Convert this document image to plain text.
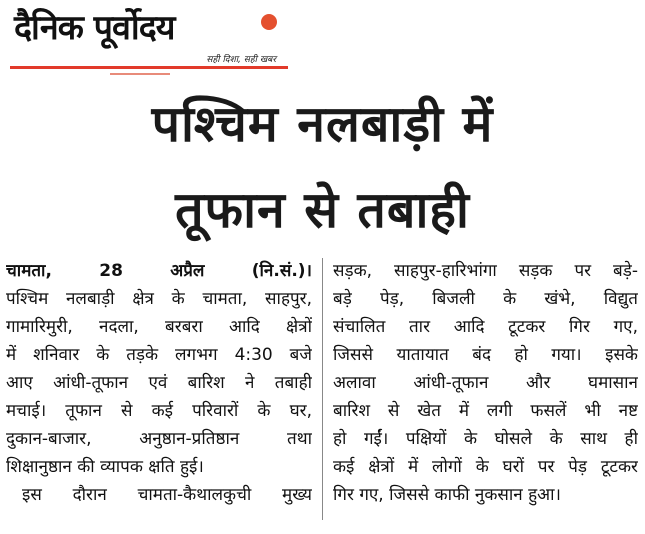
दैनिक पूर्वोदय
सही दिशा, सही खबर
पश्चिम नलबाड़ी में
तूफान से तबाही
चामता, 28 अप्रैल (नि.सं.)।
पश्चिम नलबाड़ी क्षेत्र के चामता, साहपुर,
गामारिमुरी, नदला, बरबरा आदि क्षेत्रों
में शनिवार के तड़के लगभग 4:30 बजे
आए आंधी-तूफान एवं बारिश ने तबाही
मचाई। तूफान से कई परिवारों के घर,
दुकान-बाजार, अनुष्ठान-प्रतिष्ठान तथा
शिक्षानुष्ठान की व्यापक क्षति हुई।
इस दौरान चामता-कैथालकुची मुख्य
सड़क, साहपुर-हारिभांगा सड़क पर बड़े-
बड़े पेड़, बिजली के खंभे, विद्युत
संचालित तार आदि टूटकर गिर गए,
जिससे यातायात बंद हो गया। इसके
अलावा आंधी-तूफान और घमासान
बारिश से खेत में लगी फसलें भी नष्ट
हो गईं। पक्षियों के घोसले के साथ ही
कई क्षेत्रों में लोगों के घरों पर पेड़ टूटकर
गिर गए, जिससे काफी नुकसान हुआ।
